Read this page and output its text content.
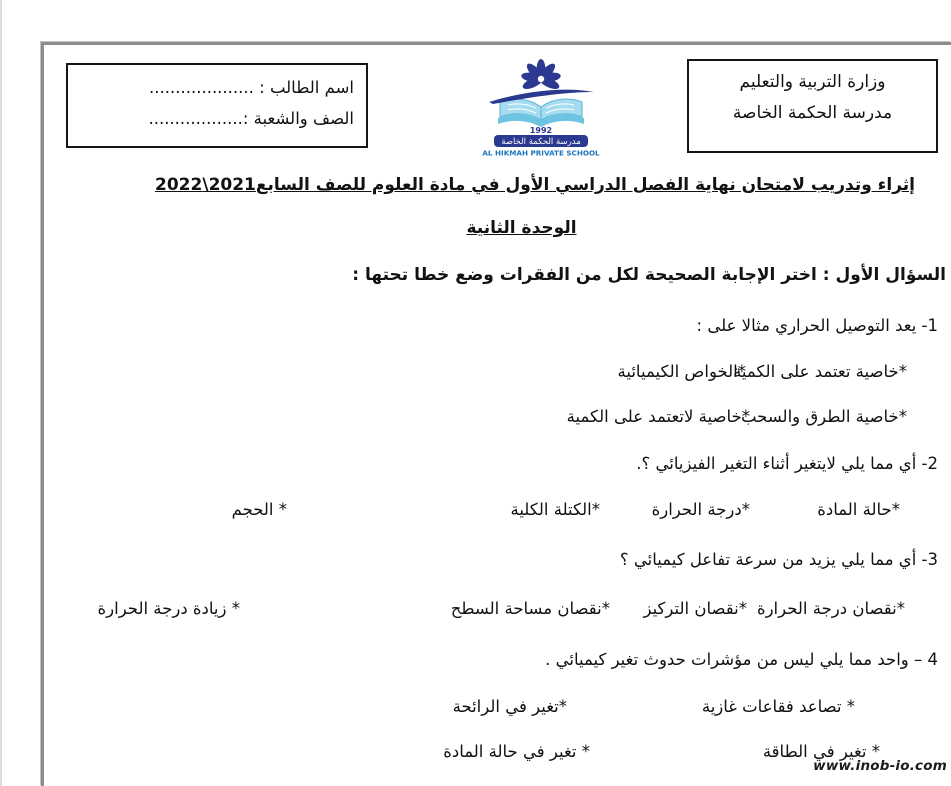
اسم الطالب : ....................
الصف والشعبة :..................
1992
مدرسة الحكمة الخاصة
AL HIKMAH PRIVATE SCHOOL
وزارة التربية والتعليم
مدرسة الحكمة الخاصة
إثراء وتدريب لامتحان نهاية الفصل الدراسي الأول في مادة العلوم للصف السابع2021\2022
الوحدة الثانية
السؤال الأول : اختر الإجابة الصحيحة لكل من الفقرات وضع خطا تحتها :
1- يعد التوصيل الحراري مثالا على :
*خاصية تعتمد على الكمية
*الخواص الكيميائية
*خاصية الطرق والسحب
*خاصية لاتعتمد على الكمية
2- أي مما يلي لايتغير أثناء التغير الفيزيائي ؟.
*حالة المادة
*درجة الحرارة
*الكتلة الكلية
* الحجم
3- أي مما يلي يزيد من سرعة تفاعل كيميائي ؟
*نقصان درجة الحرارة
*نقصان التركيز
*نقصان مساحة السطح
* زيادة درجة الحرارة
4 – واحد مما يلي ليس من مؤشرات حدوث تغير كيميائي .
* تصاعد فقاعات غازية
*تغير في الرائحة
* تغير في الطاقة
* تغير في حالة المادة
www.inob-io.com
